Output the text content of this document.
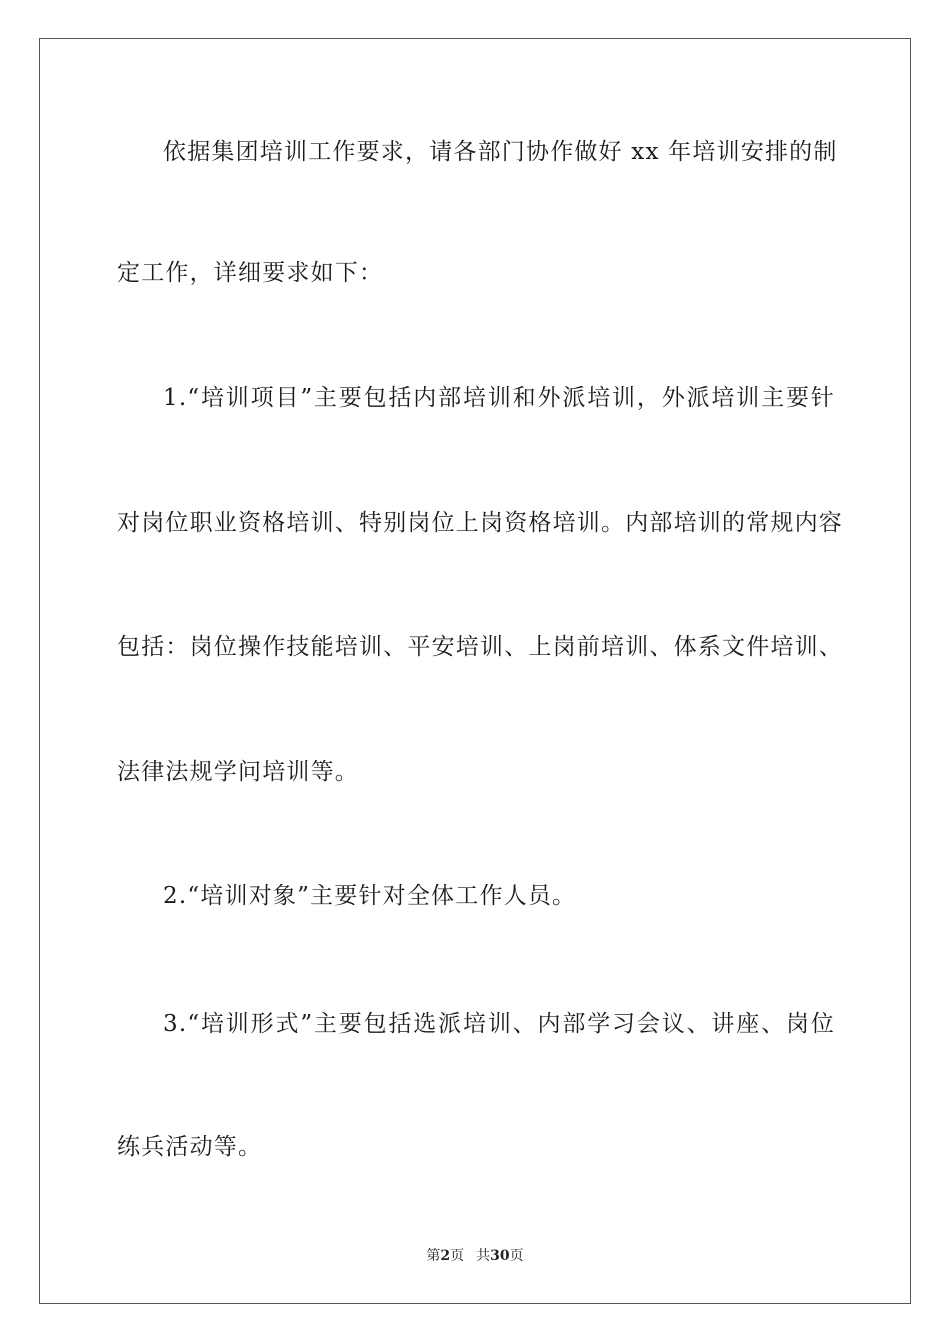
依据集团培训工作要求，请各部门协作做好 xx 年培训安排的制
定工作，详细要求如下：
1.“培训项目”主要包括内部培训和外派培训，外派培训主要针
对岗位职业资格培训、特别岗位上岗资格培训。内部培训的常规内容
包括：岗位操作技能培训、平安培训、上岗前培训、体系文件培训、
法律法规学问培训等。
2.“培训对象”主要针对全体工作人员。
3.“培训形式”主要包括选派培训、内部学习会议、讲座、岗位
练兵活动等。
第2页 共30页
